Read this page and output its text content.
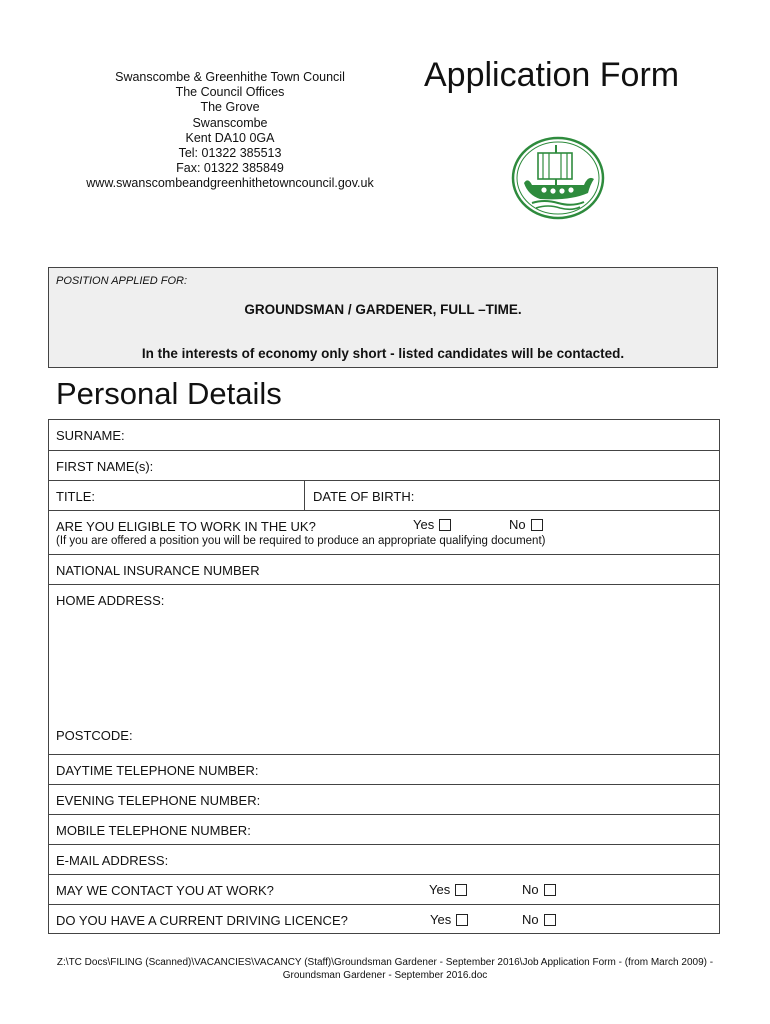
Swanscombe & Greenhithe Town Council
The Council Offices
The Grove
Swanscombe
Kent DA10 0GA
Tel: 01322 385513
Fax: 01322 385849
www.swanscombeandgreenhithetowncouncil.gov.uk
Application Form
POSITION APPLIED FOR:
GROUNDSMAN / GARDENER, FULL –TIME.
In the interests of economy only short - listed candidates will be contacted.
Personal Details
SURNAME:
FIRST NAME(s):
TITLE:	DATE OF BIRTH:
ARE YOU ELIGIBLE TO WORK IN THE UK?	Yes	No
(If you are offered a position you will be required to produce an appropriate qualifying document)
NATIONAL INSURANCE NUMBER
HOME ADDRESS:
POSTCODE:
DAYTIME TELEPHONE NUMBER:
EVENING TELEPHONE NUMBER:
MOBILE TELEPHONE NUMBER:
E-MAIL ADDRESS:
MAY WE CONTACT YOU AT WORK?	Yes	No
DO YOU HAVE A CURRENT DRIVING LICENCE?	Yes	No
Z:\TC Docs\FILING (Scanned)\VACANCIES\VACANCY (Staff)\Groundsman Gardener - September 2016\Job Application Form - (from March 2009) -
Groundsman Gardener - September 2016.doc
